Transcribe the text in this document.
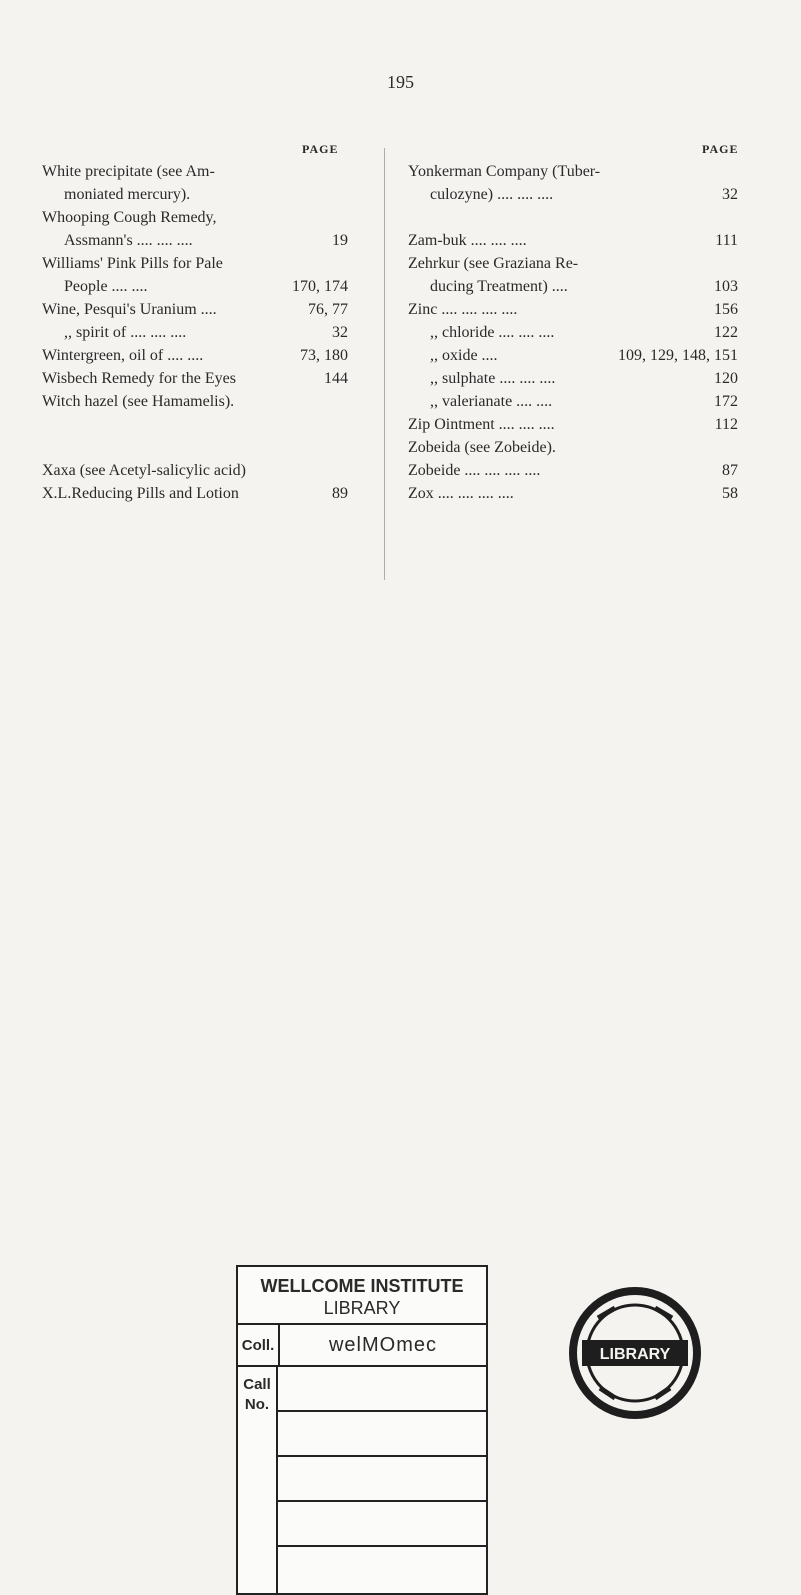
195
PAGE	PAGE
White precipitate (see Am-
moniated mercury).
Whooping Cough Remedy,
Assmann's .... .... ....	19
Williams' Pink Pills for Pale
People .... ....	170, 174
Wine, Pesqui's Uranium ....	76, 77
,, spirit of .... .... ....	32
Wintergreen, oil of .... ....	73, 180
Wisbech Remedy for the Eyes	144
Witch hazel (see Hamamelis).
Xaxa (see Acetyl-salicylic acid)
X.L.Reducing Pills and Lotion	89
Yonkerman Company (Tuber-
culozyne) .... .... ....	32
Zam-buk .... .... ....	111
Zehrkur (see Graziana Re-
ducing Treatment) ....	103
Zinc .... .... .... ....	156
,, chloride .... .... ....	122
,, oxide ....	109, 129, 148, 151
,, sulphate .... .... ....	120
,, valerianate .... ....	172
Zip Ointment .... .... ....	112
Zobeida (see Zobeide).
Zobeide .... .... .... ....	87
Zox .... .... .... ....	58
WELLCOME INSTITUTE
LIBRARY
Coll.	welMOmec
Call
No.
LIBRARY
